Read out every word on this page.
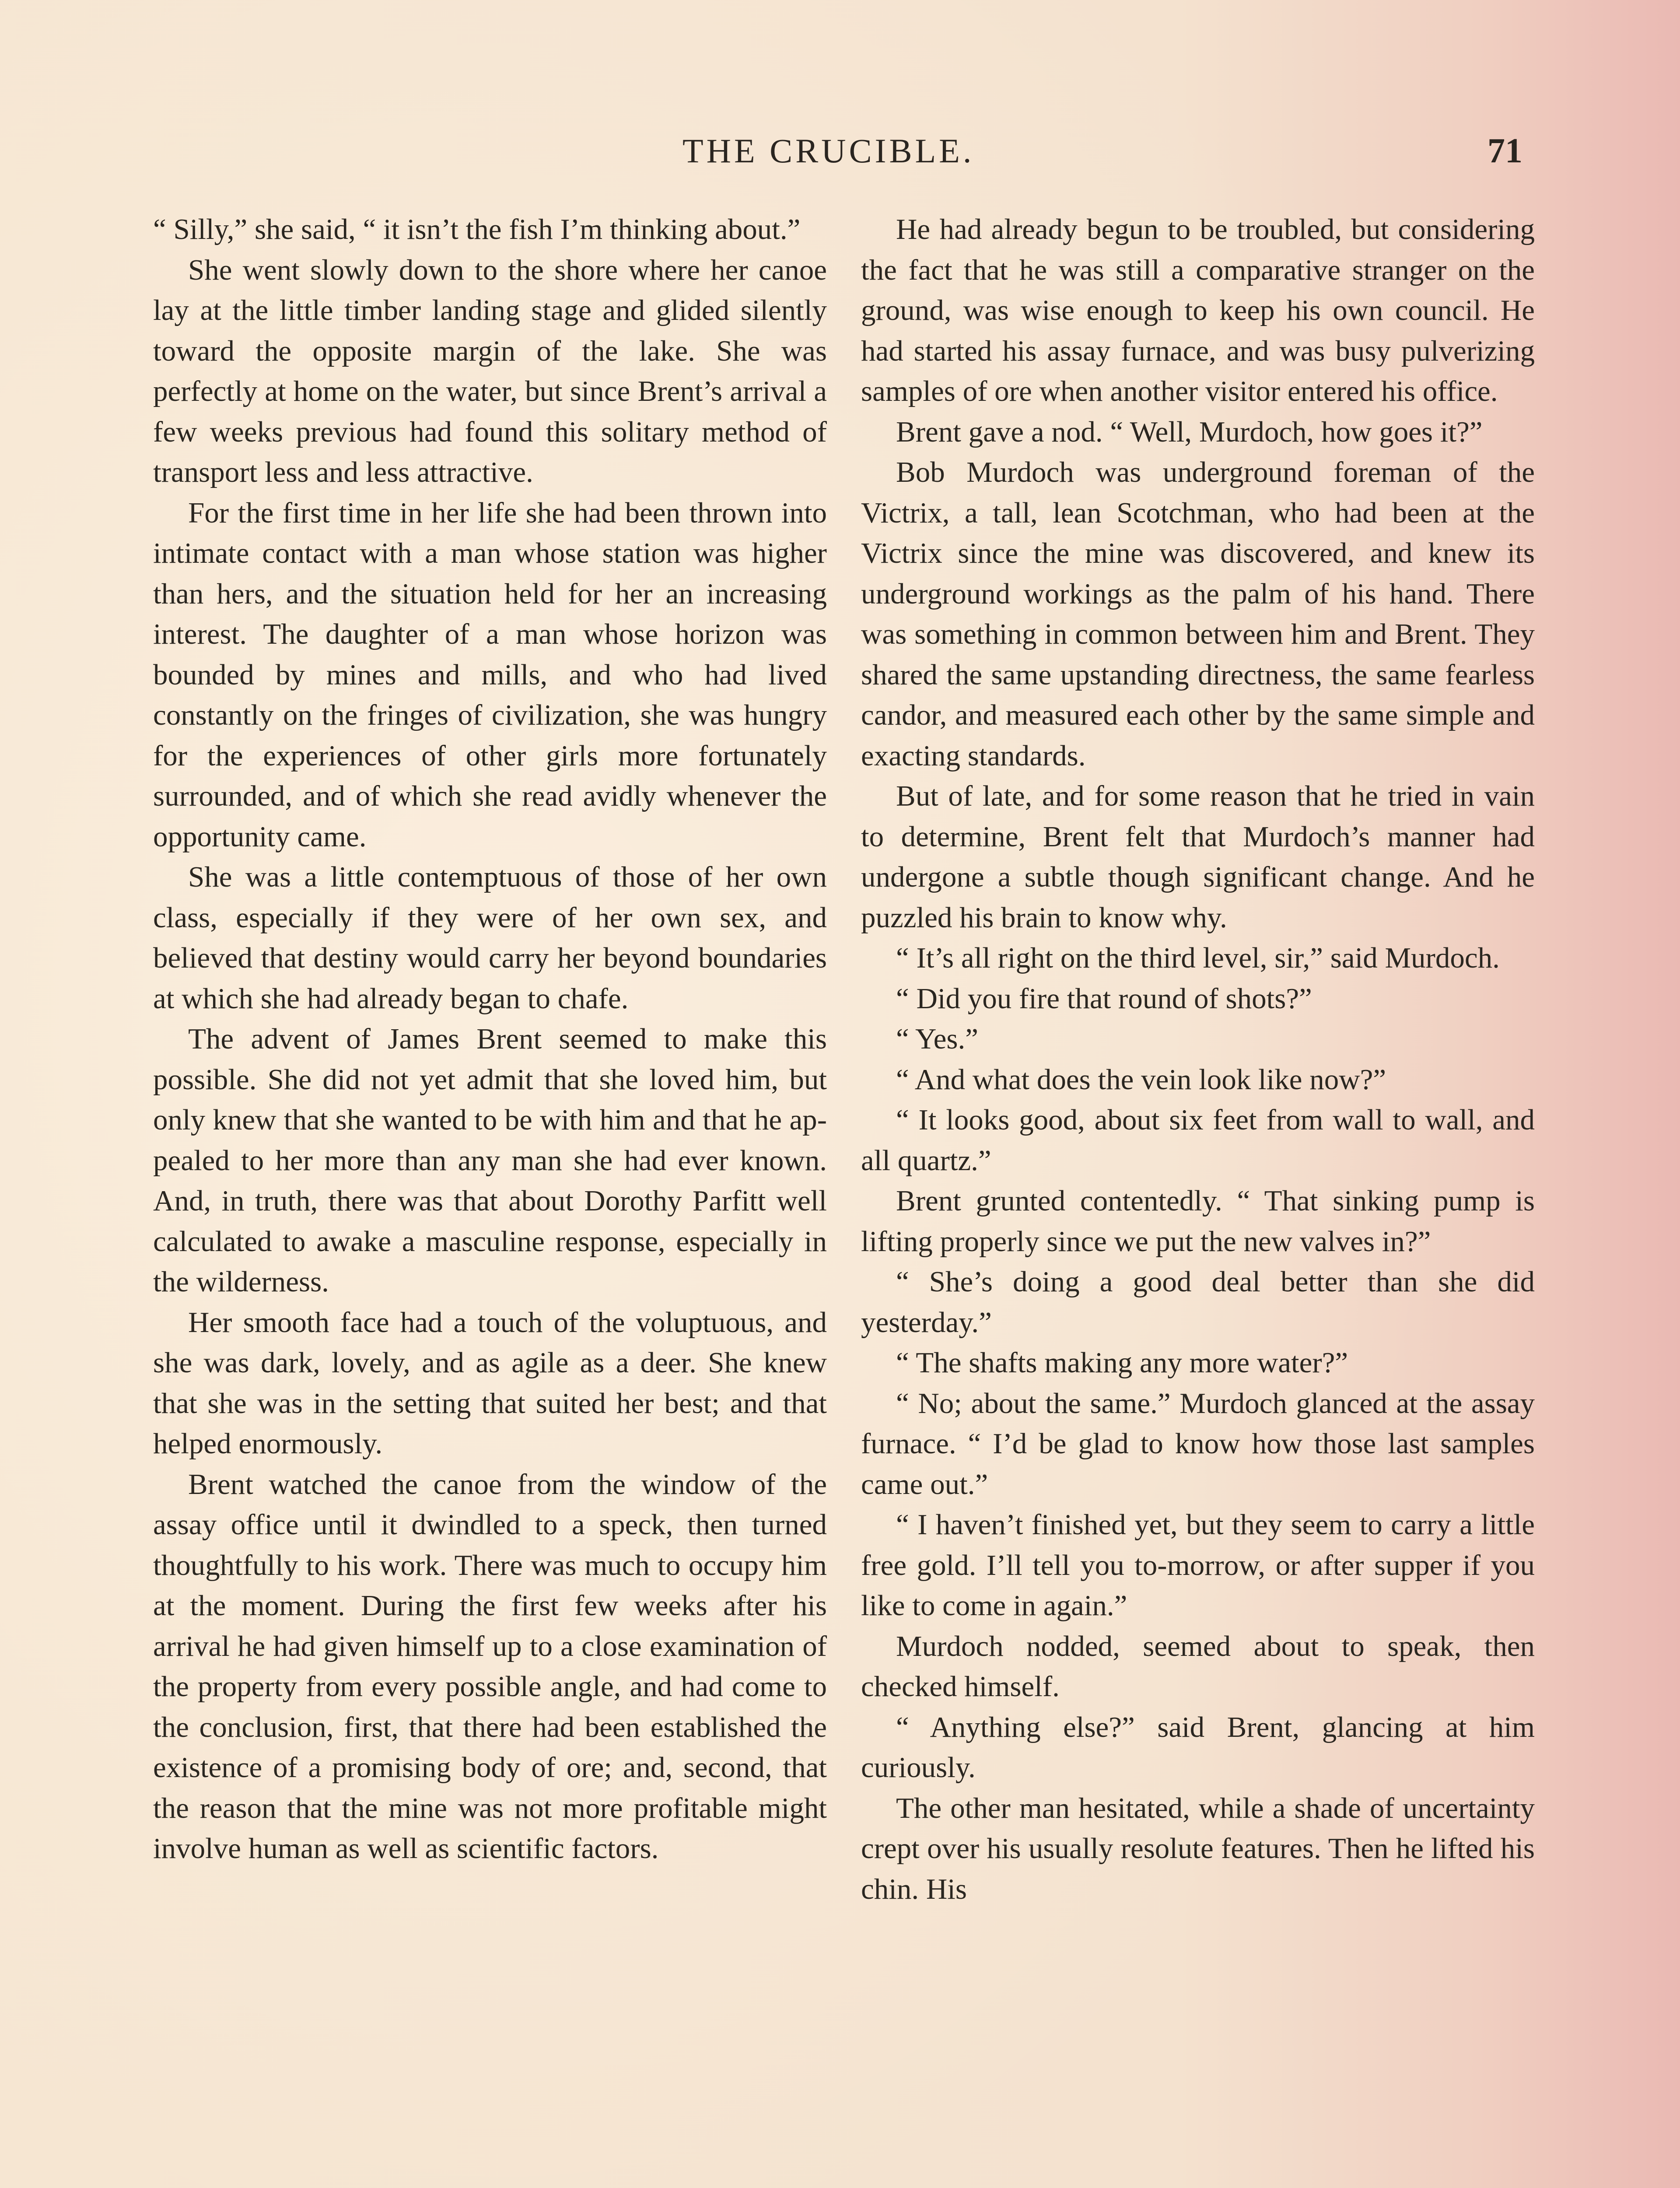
THE CRUCIBLE.	71

“ Silly,” she said, “ it isn’t the fish I’m thinking about.”

She went slowly down to the shore where her canoe lay at the little timber landing stage and glided silently toward the opposite margin of the lake. She was perfectly at home on the water, but since Brent’s arrival a few weeks previous had found this solitary method of transport less and less attractive.

For the first time in her life she had been thrown into intimate contact with a man whose station was higher than hers, and the situation held for her an increasing interest. The daughter of a man whose horizon was bounded by mines and mills, and who had lived constantly on the fringes of civilization, she was hungry for the experiences of other girls more fortunately surrounded, and of which she read avidly whenever the opportunity came.

She was a little contemptuous of those of her own class, especially if they were of her own sex, and believed that destiny would carry her beyond boundaries at which she had already began to chafe.

The advent of James Brent seemed to make this possible. She did not yet admit that she loved him, but only knew that she wanted to be with him and that he appealed to her more than any man she had ever known. And, in truth, there was that about Dorothy Parfitt well calculated to awake a masculine response, especially in the wilderness.

Her smooth face had a touch of the voluptuous, and she was dark, lovely, and as agile as a deer. She knew that she was in the setting that suited her best; and that helped enormously.

Brent watched the canoe from the window of the assay office until it dwindled to a speck, then turned thoughtfully to his work. There was much to occupy him at the moment. During the first few weeks after his arrival he had given himself up to a close examination of the property from every possible angle, and had come to the conclusion, first, that there had been established the existence of a promising body of ore; and, second, that the reason that the mine was not more profitable might involve human as well as scientific factors.

He had already begun to be troubled, but considering the fact that he was still a comparative stranger on the ground, was wise enough to keep his own council. He had started his assay furnace, and was busy pulverizing samples of ore when another visitor entered his office.

Brent gave a nod. “ Well, Murdoch, how goes it?”

Bob Murdoch was underground foreman of the Victrix, a tall, lean Scotchman, who had been at the Victrix since the mine was discovered, and knew its underground workings as the palm of his hand. There was something in common between him and Brent. They shared the same upstanding directness, the same fearless candor, and measured each other by the same simple and exacting standards.

But of late, and for some reason that he tried in vain to determine, Brent felt that Murdoch’s manner had undergone a subtle though significant change. And he puzzled his brain to know why.

“ It’s all right on the third level, sir,” said Murdoch.

“ Did you fire that round of shots?”

“ Yes.”

“ And what does the vein look like now?”

“ It looks good, about six feet from wall to wall, and all quartz.”

Brent grunted contentedly. “ That sinking pump is lifting properly since we put the new valves in?”

“ She’s doing a good deal better than she did yesterday.”

“ The shafts making any more water?”

“ No; about the same.” Murdoch glanced at the assay furnace. “ I’d be glad to know how those last samples came out.”

“ I haven’t finished yet, but they seem to carry a little free gold. I’ll tell you to-morrow, or after supper if you like to come in again.”

Murdoch nodded, seemed about to speak, then checked himself.

“ Anything else?” said Brent, glancing at him curiously.

The other man hesitated, while a shade of uncertainty crept over his usually resolute features. Then he lifted his chin. His
